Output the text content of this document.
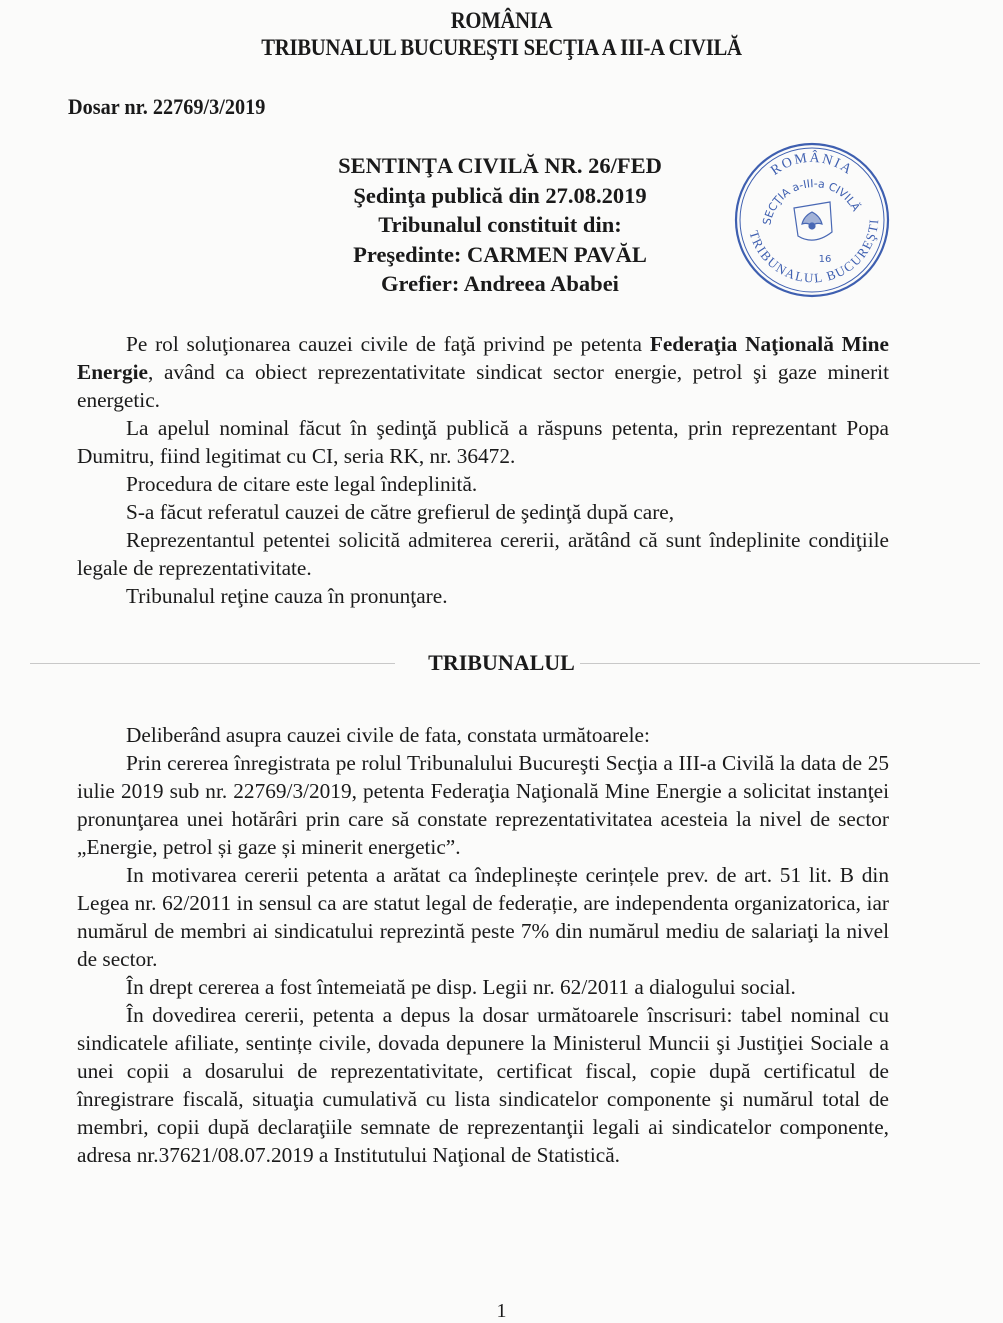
ROMÂNIA
TRIBUNALUL BUCUREŞTI SECŢIA A III-A CIVILĂ
Dosar nr. 22769/3/2019
SENTINŢA CIVILĂ NR. 26/FED
Şedinţa publică din 27.08.2019
Tribunalul constituit din:
Preşedinte: CARMEN PAVĂL
Grefier: Andreea Ababei
ROMÂNIA
SECŢIA a-III-a CIVILĂ
TRIBUNALUL BUCUREŞTI
16

Pe rol soluţionarea cauzei civile de faţă privind pe petenta Federaţia Naţională Mine Energie, având ca obiect reprezentativitate sindicat sector energie, petrol şi gaze minerit energetic.

La apelul nominal făcut în şedinţă publică a răspuns petenta, prin reprezentant Popa Dumitru, fiind legitimat cu CI, seria RK, nr. 36472.

Procedura de citare este legal îndeplinită.

S-a făcut referatul cauzei de către grefierul de şedinţă după care,

Reprezentantul petentei solicită admiterea cererii, arătând că sunt îndeplinite condiţiile legale de reprezentativitate.

Tribunalul reţine cauza în pronunţare.

TRIBUNALUL

Deliberând asupra cauzei civile de fata, constata următoarele:

Prin cererea înregistrata pe rolul Tribunalului Bucureşti Secţia a III-a Civilă la data de 25 iulie 2019 sub nr. 22769/3/2019, petenta Federaţia Naţională Mine Energie a solicitat instanţei pronunţarea unei hotărâri prin care să constate reprezentativitatea acesteia la nivel de sector „Energie, petrol și gaze și minerit energetic”.

In motivarea cererii petenta a arătat ca îndeplinește cerințele prev. de art. 51 lit. B din Legea nr. 62/2011 in sensul ca are statut legal de federație, are independenta organizatorica, iar numărul de membri ai sindicatului reprezintă peste 7% din numărul mediu de salariaţi la nivel de sector.

În drept cererea a fost întemeiată pe disp. Legii nr. 62/2011 a dialogului social.

În dovedirea cererii, petenta a depus la dosar următoarele înscrisuri: tabel nominal cu sindicatele afiliate, sentințe civile, dovada depunere la Ministerul Muncii şi Justiţiei Sociale a unei copii a dosarului de reprezentativitate, certificat fiscal, copie după certificatul de înregistrare fiscală, situaţia cumulativă cu lista sindicatelor componente şi numărul total de membri, copii după declaraţiile semnate de reprezentanţii legali ai sindicatelor componente, adresa nr.37621/08.07.2019 a Institutului Naţional de Statistică.

1
